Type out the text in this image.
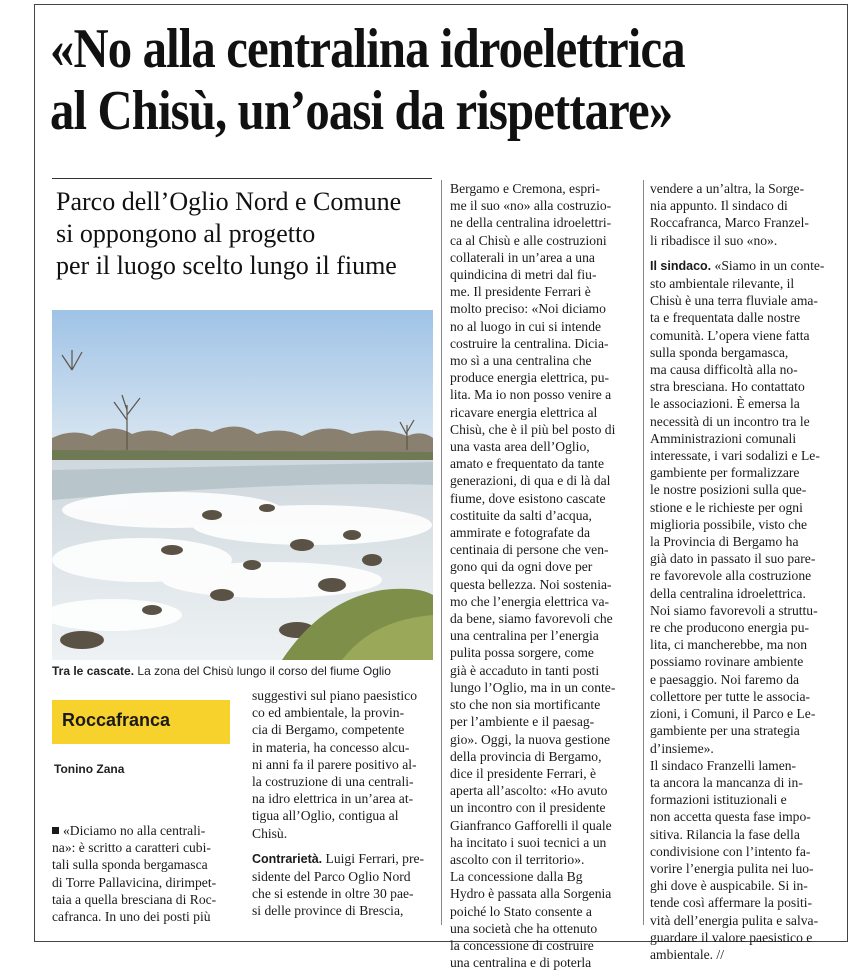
«No alla centralina idroelettrica
al Chisù, un’oasi da rispettare»
Parco dell’Oglio Nord e Comune
si oppongono al progetto
per il luogo scelto lungo il fiume
Tra le cascate. La zona del Chisù lungo il corso del fiume Oglio
Roccafranca
Tonino Zana
«Diciamo no alla centrali-
na»: è scritto a caratteri cubi-
tali sulla sponda bergamasca
di Torre Pallavicina, dirimpet-
taia a quella bresciana di Roc-
cafranca. In uno dei posti più
suggestivi sul piano paesistico
co ed ambientale, la provin-
cia di Bergamo, competente
in materia, ha concesso alcu-
ni anni fa il parere positivo al-
la costruzione di una centrali-
na idro elettrica in un’area at-
tigua all’Oglio, contigua al
Chisù.

Contrarietà. Luigi Ferrari, pre-
sidente del Parco Oglio Nord
che si estende in oltre 30 pae-
si delle province di Brescia,
Bergamo e Cremona, espri-
me il suo «no» alla costruzio-
ne della centralina idroelettri-
ca al Chisù e alle costruzioni
collaterali in un’area a una
quindicina di metri dal fiu-
me. Il presidente Ferrari è
molto preciso: «Noi diciamo
no al luogo in cui si intende
costruire la centralina. Dicia-
mo sì a una centralina che
produce energia elettrica, pu-
lita. Ma io non posso venire a
ricavare energia elettrica al
Chisù, che è il più bel posto di
una vasta area dell’Oglio,
amato e frequentato da tante
generazioni, di qua e di là dal
fiume, dove esistono cascate
costituite da salti d’acqua,
ammirate e fotografate da
centinaia di persone che ven-
gono qui da ogni dove per
questa bellezza. Noi sostenia-
mo che l’energia elettrica va-
da bene, siamo favorevoli che
una centralina per l’energia
pulita possa sorgere, come
già è accaduto in tanti posti
lungo l’Oglio, ma in un conte-
sto che non sia mortificante
per l’ambiente e il paesag-
gio». Oggi, la nuova gestione
della provincia di Bergamo,
dice il presidente Ferrari, è
aperta all’ascolto: «Ho avuto
un incontro con il presidente
Gianfranco Gafforelli il quale
ha incitato i suoi tecnici a un
ascolto con il territorio».
La concessione dalla Bg
Hydro è passata alla Sorgenia
poiché lo Stato consente a
una società che ha ottenuto
la concessione di costruire
una centralina e di poterla
vendere a un’altra, la Sorge-
nia appunto. Il sindaco di
Roccafranca, Marco Franzel-
li ribadisce il suo «no».

Il sindaco. «Siamo in un conte-
sto ambientale rilevante, il
Chisù è una terra fluviale ama-
ta e frequentata dalle nostre
comunità. L’opera viene fatta
sulla sponda bergamasca,
ma causa difficoltà alla no-
stra bresciana. Ho contattato
le associazioni. È emersa la
necessità di un incontro tra le
Amministrazioni comunali
interessate, i vari sodalizi e Le-
gambiente per formalizzare
le nostre posizioni sulla que-
stione e le richieste per ogni
miglioria possibile, visto che
la Provincia di Bergamo ha
già dato in passato il suo pare-
re favorevole alla costruzione
della centralina idroelettrica.
Noi siamo favorevoli a struttu-
re che producono energia pu-
lita, ci mancherebbe, ma non
possiamo rovinare ambiente
e paesaggio. Noi faremo da
collettore per tutte le associa-
zioni, i Comuni, il Parco e Le-
gambiente per una strategia
d’insieme».
Il sindaco Franzelli lamen-
ta ancora la mancanza di in-
formazioni istituzionali e
non accetta questa fase impo-
sitiva. Rilancia la fase della
condivisione con l’intento fa-
vorire l’energia pulita nei luo-
ghi dove è auspicabile. Si in-
tende così affermare la positi-
vità dell’energia pulita e salva-
guardare il valore paesistico e
ambientale. //
